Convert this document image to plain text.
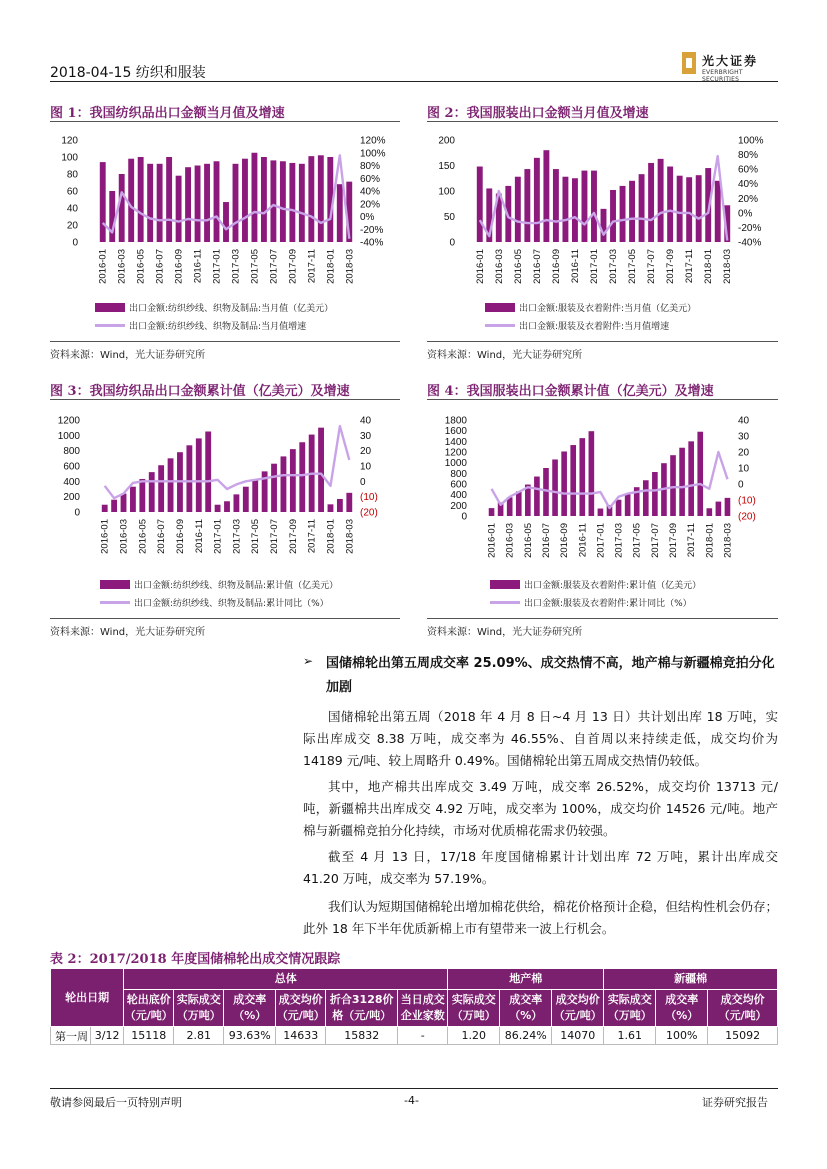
2018-04-15 纺织和服装
光大证券
EVERBRIGHT SECURITIES
图 1：我国纺织品出口金额当月值及增速
120
100
80
60
40
20
0
120%
100%
80%
60%
40%
20%
0%
-20%
-40%
2016-01 2016-03 2016-05 2016-07 2016-09 2016-11 2017-01 2017-03 2017-05 2017-07 2017-09 2017-11 2018-01 2018-03
出口金额:纺织纱线、织物及制品:当月值（亿美元）
出口金额:纺织纱线、织物及制品:当月值增速
资料来源：Wind，光大证券研究所
图 2：我国服装出口金额当月值及增速
200
150
100
50
0
100%
80%
60%
40%
20%
0%
-20%
-40%
2016-01 2016-03 2016-05 2016-07 2016-09 2016-11 2017-01 2017-03 2017-05 2017-07 2017-09 2017-11 2018-01 2018-03
出口金额:服装及衣着附件:当月值（亿美元）
出口金额:服装及衣着附件:当月值增速
资料来源：Wind，光大证券研究所
图 3：我国纺织品出口金额累计值（亿美元）及增速
1200
1000
800
600
400
200
0
40
30
20
10
0
(10)
(20)
2016-01 2016-03 2016-05 2016-07 2016-09 2016-11 2017-01 2017-03 2017-05 2017-07 2017-09 2017-11 2018-01 2018-03
出口金额:纺织纱线、织物及制品:累计值（亿美元）
出口金额:纺织纱线、织物及制品:累计同比（%）
资料来源：Wind，光大证券研究所
图 4：我国服装出口金额累计值（亿美元）及增速
1800
1600
1400
1200
1000
800
600
400
200
0
40
30
20
10
0
(10)
(20)
2016-01 2016-03 2016-05 2016-07 2016-09 2016-11 2017-01 2017-03 2017-05 2017-07 2017-09 2017-11 2018-01 2018-03
出口金额:服装及衣着附件:累计值（亿美元）
出口金额:服装及衣着附件:累计同比（%）
资料来源：Wind，光大证券研究所
➢ 国储棉轮出第五周成交率 25.09%、成交热情不高，地产棉与新疆棉竞拍分化加剧

国储棉轮出第五周（2018 年 4 月 8 日~4 月 13 日）共计划出库 18 万吨，实际出库成交 8.38 万吨，成交率为 46.55%、自首周以来持续走低，成交均价为 14189 元/吨、较上周略升 0.49%。国储棉轮出第五周成交热情仍较低。

其中，地产棉共出库成交 3.49 万吨，成交率 26.52%，成交均价 13713 元/吨，新疆棉共出库成交 4.92 万吨，成交率为 100%，成交均价 14526 元/吨。地产棉与新疆棉竞拍分化持续，市场对优质棉花需求仍较强。

截至 4 月 13 日，17/18 年度国储棉累计计划出库 72 万吨，累计出库成交 41.20 万吨，成交率为 57.19%。

我们认为短期国储棉轮出增加棉花供给，棉花价格预计企稳，但结构性机会仍存；此外 18 年下半年优质新棉上市有望带来一波上行机会。

表 2：2017/2018 年度国储棉轮出成交情况跟踪
轮出日期		总体						地产棉			新疆棉		
		轮出底价（元/吨）	实际成交（万吨）	成交率（%）	成交均价（元/吨）	折合3128价格（元/吨）	当日成交企业家数	实际成交（万吨）	成交率（%）	成交均价（元/吨）	实际成交（万吨）	成交率（%）	成交均价（元/吨）
第一周	3/12	15118	2.81	93.63%	14633	15832	-	1.20	86.24%	14070	1.61	100%	15092
敬请参阅最后一页特别声明	-4-	证券研究报告
